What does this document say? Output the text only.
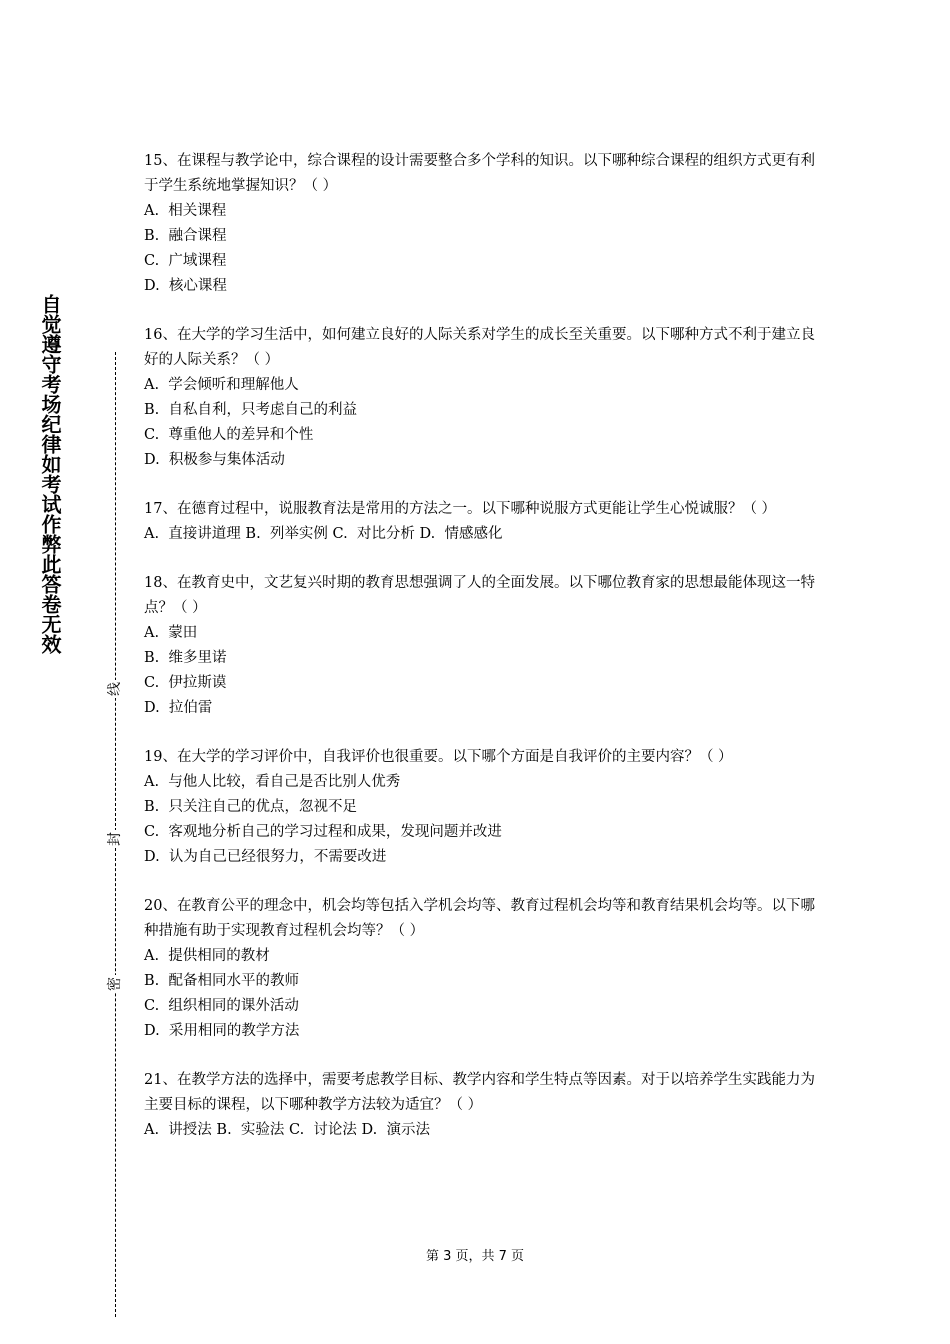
自觉遵守考场纪律如考试作弊此答卷无效
线
封
密

15、在课程与教学论中，综合课程的设计需要整合多个学科的知识。以下哪种综合课程的组织方式更有利于学生系统地掌握知识？（ ）

A.  相关课程

B.  融合课程

C.  广域课程

D.  核心课程

16、在大学的学习生活中，如何建立良好的人际关系对学生的成长至关重要。以下哪种方式不利于建立良好的人际关系？（ ）

A.  学会倾听和理解他人

B.  自私自利，只考虑自己的利益

C.  尊重他人的差异和个性

D.  积极参与集体活动

17、在德育过程中，说服教育法是常用的方法之一。以下哪种说服方式更能让学生心悦诚服？（ ）

A.  直接讲道理 B.  列举实例 C.  对比分析 D.  情感感化

18、在教育史中，文艺复兴时期的教育思想强调了人的全面发展。以下哪位教育家的思想最能体现这一特点？（ ）

A.  蒙田

B.  维多里诺

C.  伊拉斯谟

D.  拉伯雷

19、在大学的学习评价中，自我评价也很重要。以下哪个方面是自我评价的主要内容？（ ）

A.  与他人比较，看自己是否比别人优秀

B.  只关注自己的优点，忽视不足

C.  客观地分析自己的学习过程和成果，发现问题并改进

D.  认为自己已经很努力，不需要改进

20、在教育公平的理念中，机会均等包括入学机会均等、教育过程机会均等和教育结果机会均等。以下哪种措施有助于实现教育过程机会均等？（ ）

A.  提供相同的教材

B.  配备相同水平的教师

C.  组织相同的课外活动

D.  采用相同的教学方法

21、在教学方法的选择中，需要考虑教学目标、教学内容和学生特点等因素。对于以培养学生实践能力为主要目标的课程，以下哪种教学方法较为适宜？（ ）

A.  讲授法 B.  实验法 C.  讨论法 D.  演示法

第 3 页，共 7 页
